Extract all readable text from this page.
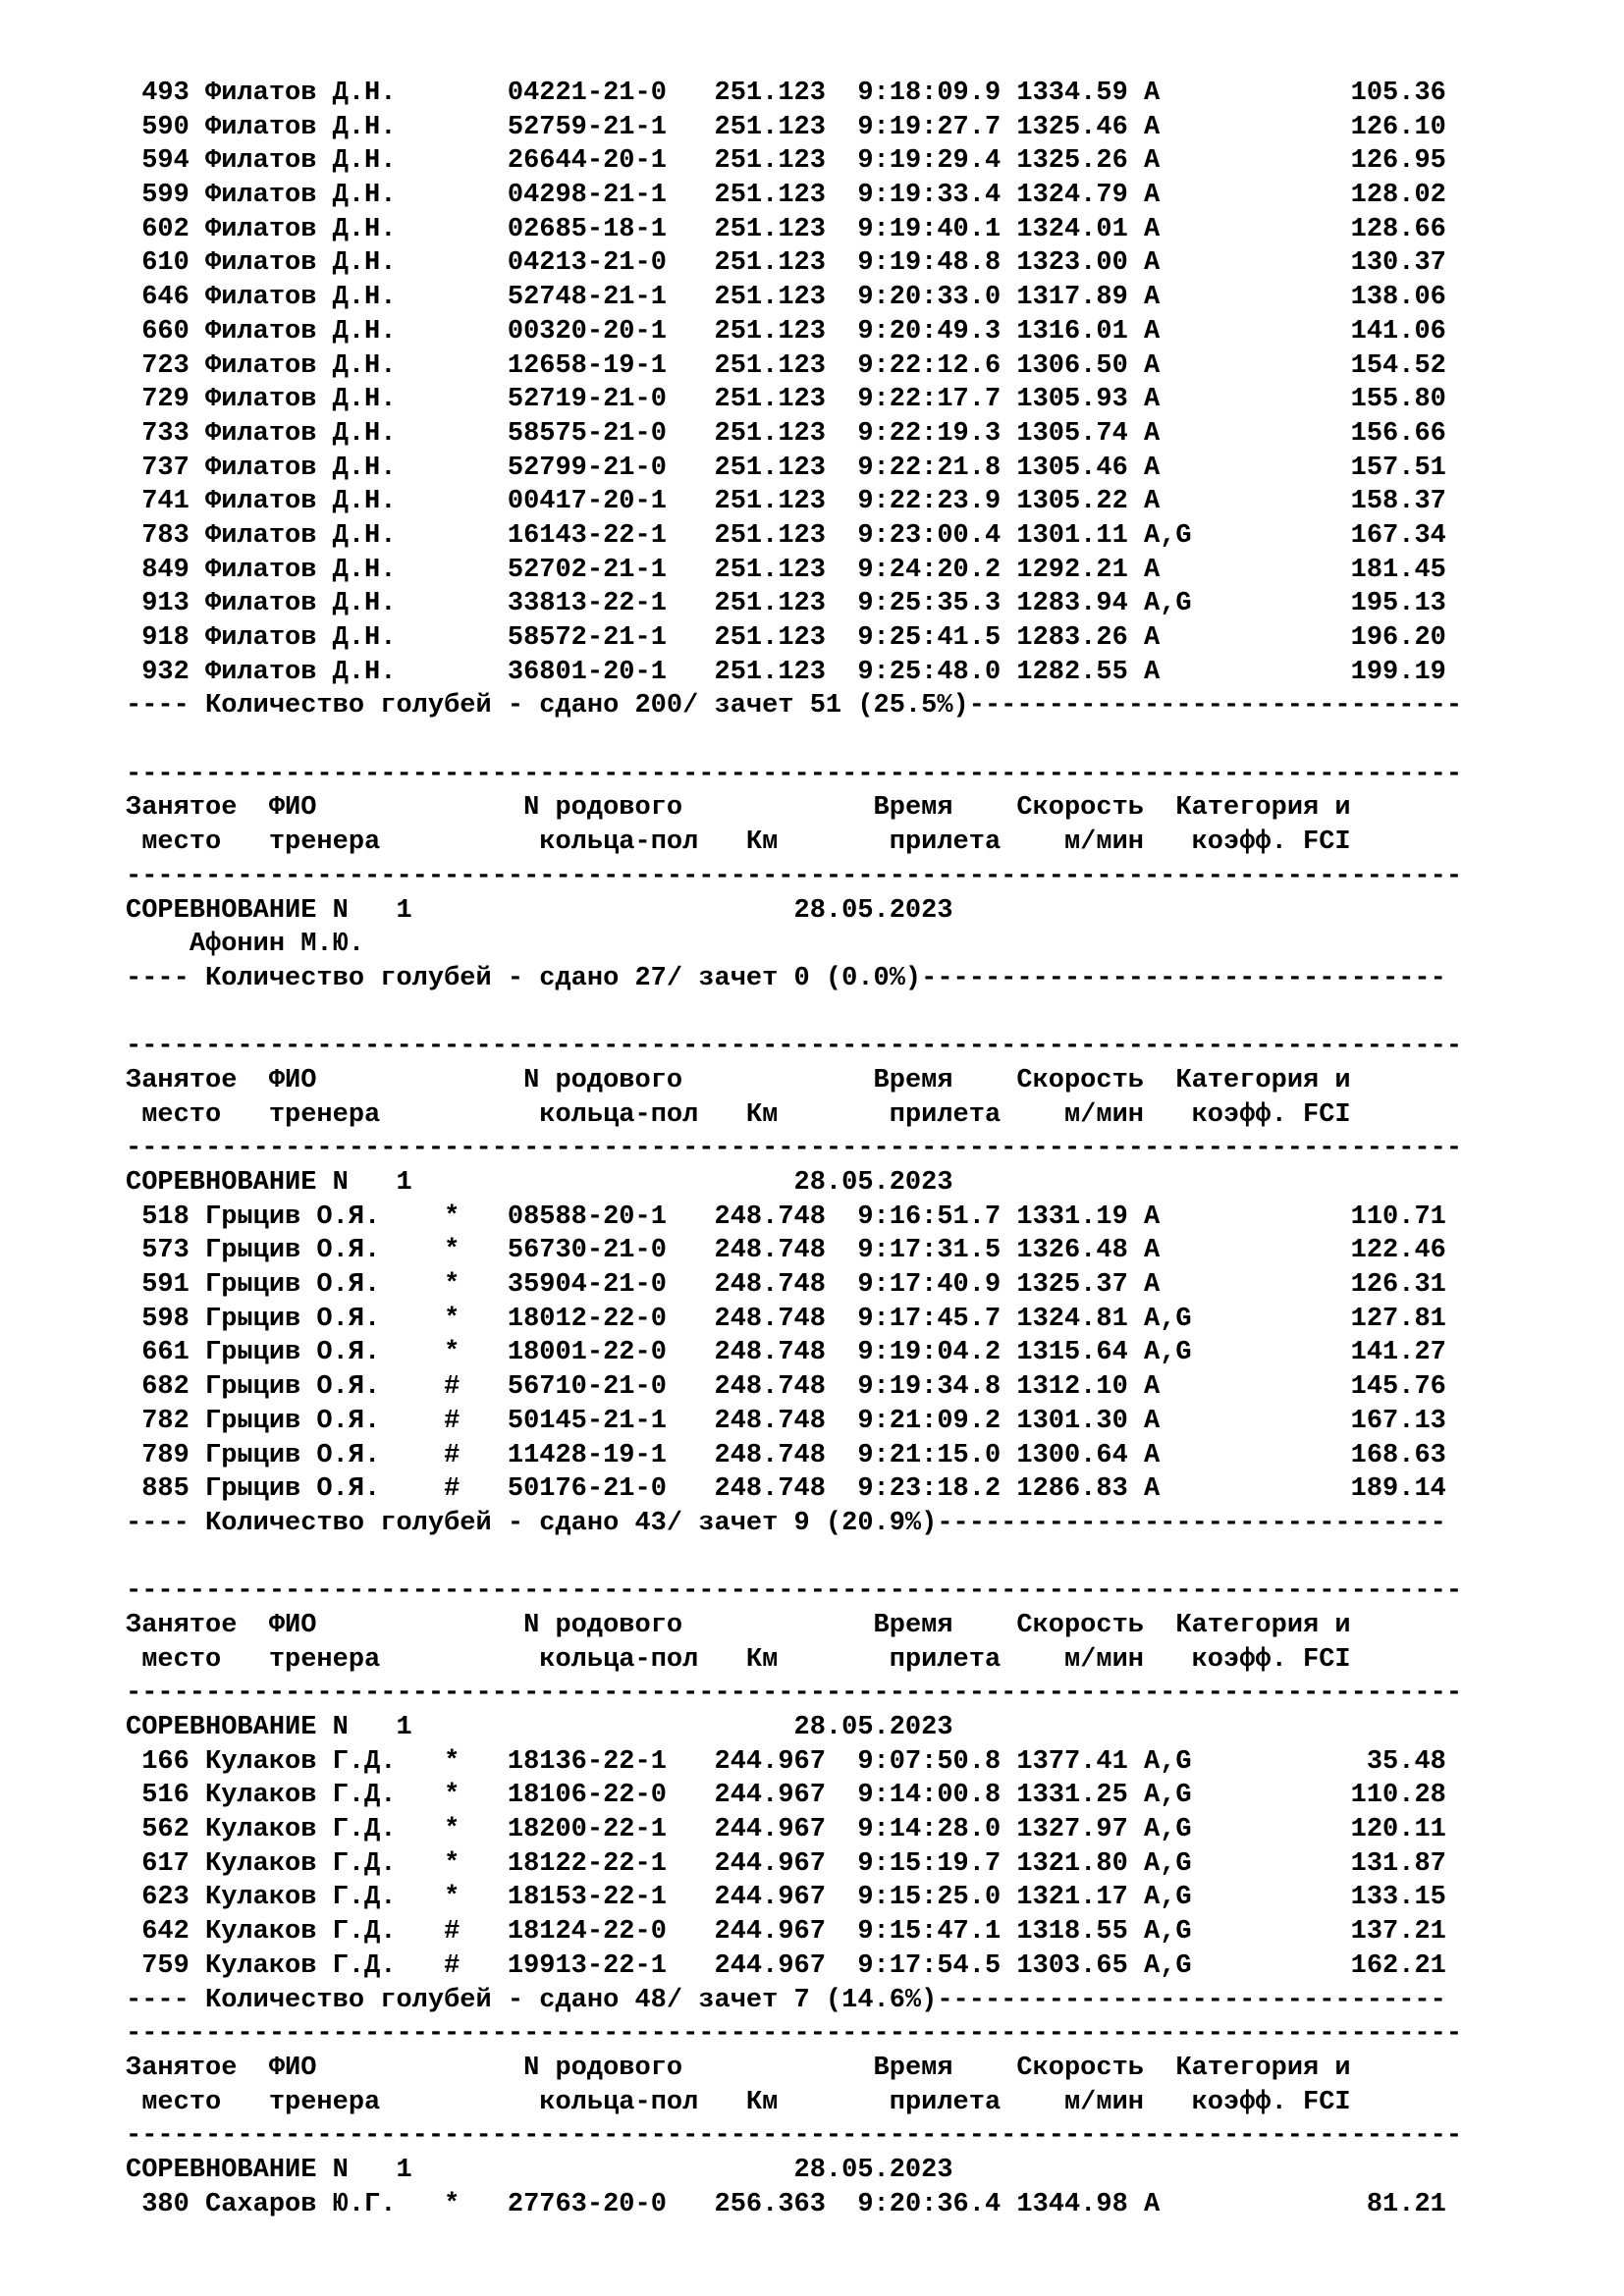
493 Филатов Д.Н.       04221-21-0   251.123 9:18:09.9 1334.59 A            105.36
590 Филатов Д.Н.       52759-21-1   251.123 9:19:27.7 1325.46 A            126.10
594 Филатов Д.Н.       26644-20-1   251.123 9:19:29.4 1325.26 A            126.95
599 Филатов Д.Н.       04298-21-1   251.123 9:19:33.4 1324.79 A            128.02
602 Филатов Д.Н.       02685-18-1   251.123 9:19:40.1 1324.01 A            128.66
610 Филатов Д.Н.       04213-21-0   251.123 9:19:48.8 1323.00 A            130.37
646 Филатов Д.Н.       52748-21-1   251.123 9:20:33.0 1317.89 A            138.06
660 Филатов Д.Н.       00320-20-1   251.123 9:20:49.3 1316.01 A            141.06
723 Филатов Д.Н.       12658-19-1   251.123 9:22:12.6 1306.50 A            154.52
729 Филатов Д.Н.       52719-21-0   251.123 9:22:17.7 1305.93 A            155.80
733 Филатов Д.Н.       58575-21-0   251.123 9:22:19.3 1305.74 A            156.66
737 Филатов Д.Н.       52799-21-0   251.123 9:22:21.8 1305.46 A            157.51
741 Филатов Д.Н.       00417-20-1   251.123 9:22:23.9 1305.22 A            158.37
783 Филатов Д.Н.       16143-22-1   251.123 9:23:00.4 1301.11 A,G          167.34
849 Филатов Д.Н.       52702-21-1   251.123 9:24:20.2 1292.21 A            181.45
913 Филатов Д.Н.       33813-22-1   251.123 9:25:35.3 1283.94 A,G          195.13
918 Филатов Д.Н.       58572-21-1   251.123 9:25:41.5 1283.26 A            196.20
932 Филатов Д.Н.       36801-20-1   251.123 9:25:48.0 1282.55 A            199.19
---- Количество голубей - сдано 200/ зачет 51 (25.5%)-------------------------------

------------------------------------------------------------------------------------
Занятое  ФИО             N родового            Время Скорость  Категория и
место   тренера          кольца-пол   Км	прилета    м/мин коэфф. FCI
------------------------------------------------------------------------------------
СОРЕВНОВАНИЕ N   1                        28.05.2023
Афонин М.Ю.
---- Количество голубей - сдано 27/ зачет 0 (0.0%)---------------------------------

------------------------------------------------------------------------------------
Занятое  ФИО             N родового            Время Скорость  Категория и
место   тренера          кольца-пол   Км	прилета    м/мин коэфф. FCI
------------------------------------------------------------------------------------
СОРЕВНОВАНИЕ N   1                        28.05.2023
518 Грыцив О.Я.    *   08588-20-1   248.748 9:16:51.7 1331.19 A            110.71
573 Грыцив О.Я.    *   56730-21-0   248.748 9:17:31.5 1326.48 A            122.46
591 Грыцив О.Я.    *   35904-21-0   248.748 9:17:40.9 1325.37 A            126.31
598 Грыцив О.Я.    *   18012-22-0   248.748 9:17:45.7 1324.81 A,G          127.81
661 Грыцив О.Я.    *   18001-22-0   248.748 9:19:04.2 1315.64 A,G          141.27
682 Грыцив О.Я.    #   56710-21-0   248.748 9:19:34.8 1312.10 A            145.76
782 Грыцив О.Я.    #   50145-21-1   248.748 9:21:09.2 1301.30 A            167.13
789 Грыцив О.Я.    #   11428-19-1   248.748 9:21:15.0 1300.64 A            168.63
885 Грыцив О.Я.    #   50176-21-0   248.748 9:23:18.2 1286.83 A            189.14
---- Количество голубей - сдано 43/ зачет 9 (20.9%)--------------------------------

------------------------------------------------------------------------------------
Занятое  ФИО             N родового            Время Скорость  Категория и
место   тренера          кольца-пол   Км	прилета    м/мин коэфф. FCI
------------------------------------------------------------------------------------
СОРЕВНОВАНИЕ N   1                        28.05.2023
166 Кулаков Г.Д.   *   18136-22-1   244.967 9:07:50.8 1377.41 A,G           35.48
516 Кулаков Г.Д.   *   18106-22-0   244.967 9:14:00.8 1331.25 A,G          110.28
562 Кулаков Г.Д.   *   18200-22-1   244.967 9:14:28.0 1327.97 A,G          120.11
617 Кулаков Г.Д.   *   18122-22-1   244.967 9:15:19.7 1321.80 A,G          131.87
623 Кулаков Г.Д.   *   18153-22-1   244.967 9:15:25.0 1321.17 A,G          133.15
642 Кулаков Г.Д.   #   18124-22-0   244.967 9:15:47.1 1318.55 A,G          137.21
759 Кулаков Г.Д.   #   19913-22-1   244.967 9:17:54.5 1303.65 A,G          162.21
---- Количество голубей - сдано 48/ зачет 7 (14.6%)--------------------------------
------------------------------------------------------------------------------------
Занятое  ФИО             N родового            Время Скорость  Категория и
место   тренера          кольца-пол   Км	прилета    м/мин коэфф. FCI
------------------------------------------------------------------------------------
СОРЕВНОВАНИЕ N   1                        28.05.2023
380 Сахаров Ю.Г.   *   27763-20-0   256.363 9:20:36.4 1344.98 A             81.21
